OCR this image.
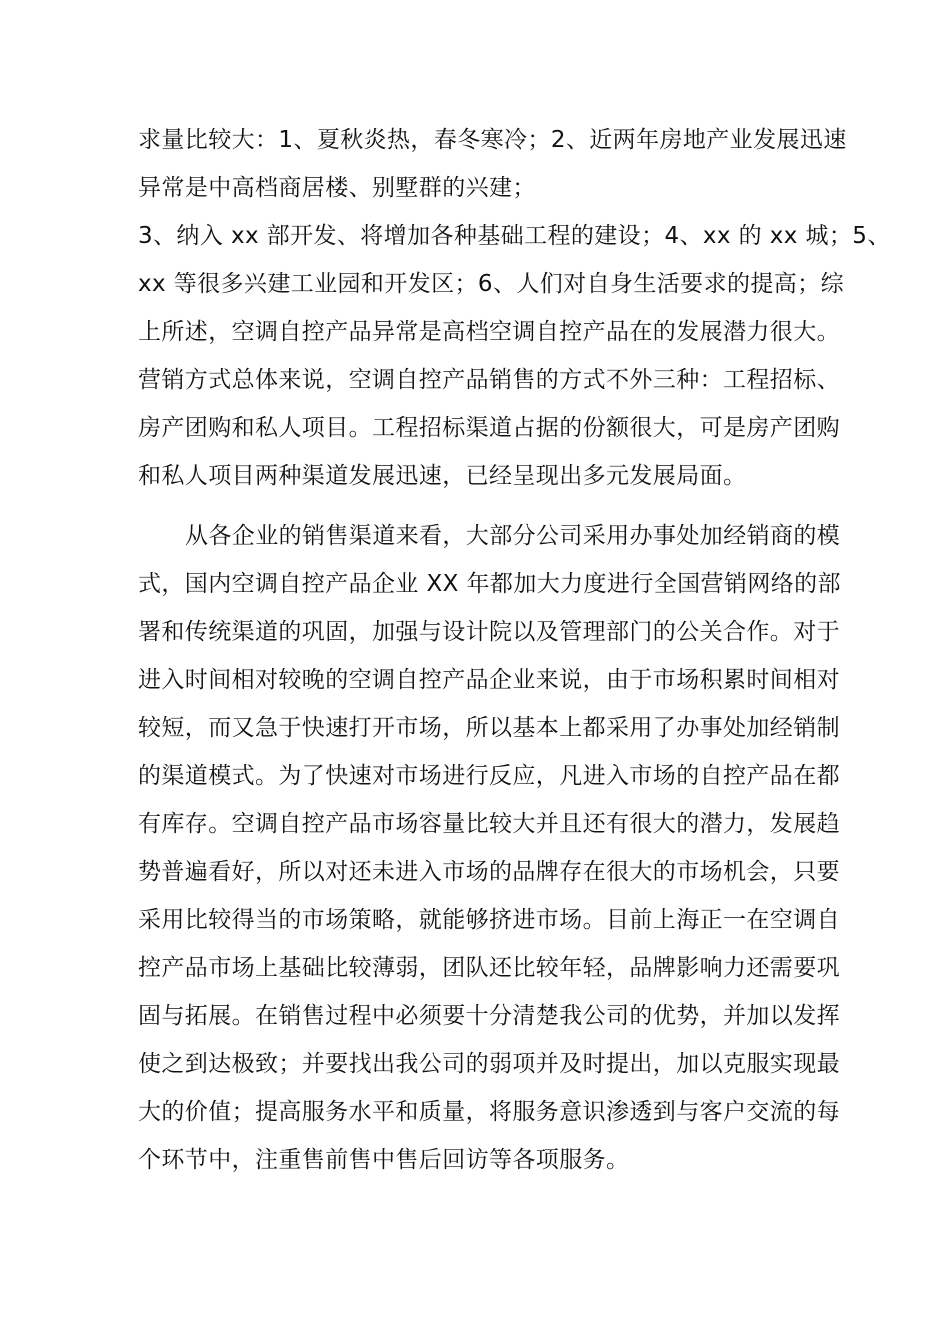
求量比较大：1、夏秋炎热，春冬寒冷；2、近两年房地产业发展迅速
异常是中高档商居楼、别墅群的兴建；
3、纳入 xx 部开发、将增加各种基础工程的建设；4、xx 的 xx 城；5、
xx 等很多兴建工业园和开发区；6、人们对自身生活要求的提高；综
上所述，空调自控产品异常是高档空调自控产品在的发展潜力很大。
营销方式总体来说，空调自控产品销售的方式不外三种：工程招标、
房产团购和私人项目。工程招标渠道占据的份额很大，可是房产团购
和私人项目两种渠道发展迅速，已经呈现出多元发展局面。
从各企业的销售渠道来看，大部分公司采用办事处加经销商的模
式，国内空调自控产品企业 XX 年都加大力度进行全国营销网络的部
署和传统渠道的巩固，加强与设计院以及管理部门的公关合作。对于
进入时间相对较晚的空调自控产品企业来说，由于市场积累时间相对
较短，而又急于快速打开市场，所以基本上都采用了办事处加经销制
的渠道模式。为了快速对市场进行反应，凡进入市场的自控产品在都
有库存。空调自控产品市场容量比较大并且还有很大的潜力，发展趋
势普遍看好，所以对还未进入市场的品牌存在很大的市场机会，只要
采用比较得当的市场策略，就能够挤进市场。目前上海正一在空调自
控产品市场上基础比较薄弱，团队还比较年轻，品牌影响力还需要巩
固与拓展。在销售过程中必须要十分清楚我公司的优势，并加以发挥
使之到达极致；并要找出我公司的弱项并及时提出，加以克服实现最
大的价值；提高服务水平和质量，将服务意识渗透到与客户交流的每
个环节中，注重售前售中售后回访等各项服务。
